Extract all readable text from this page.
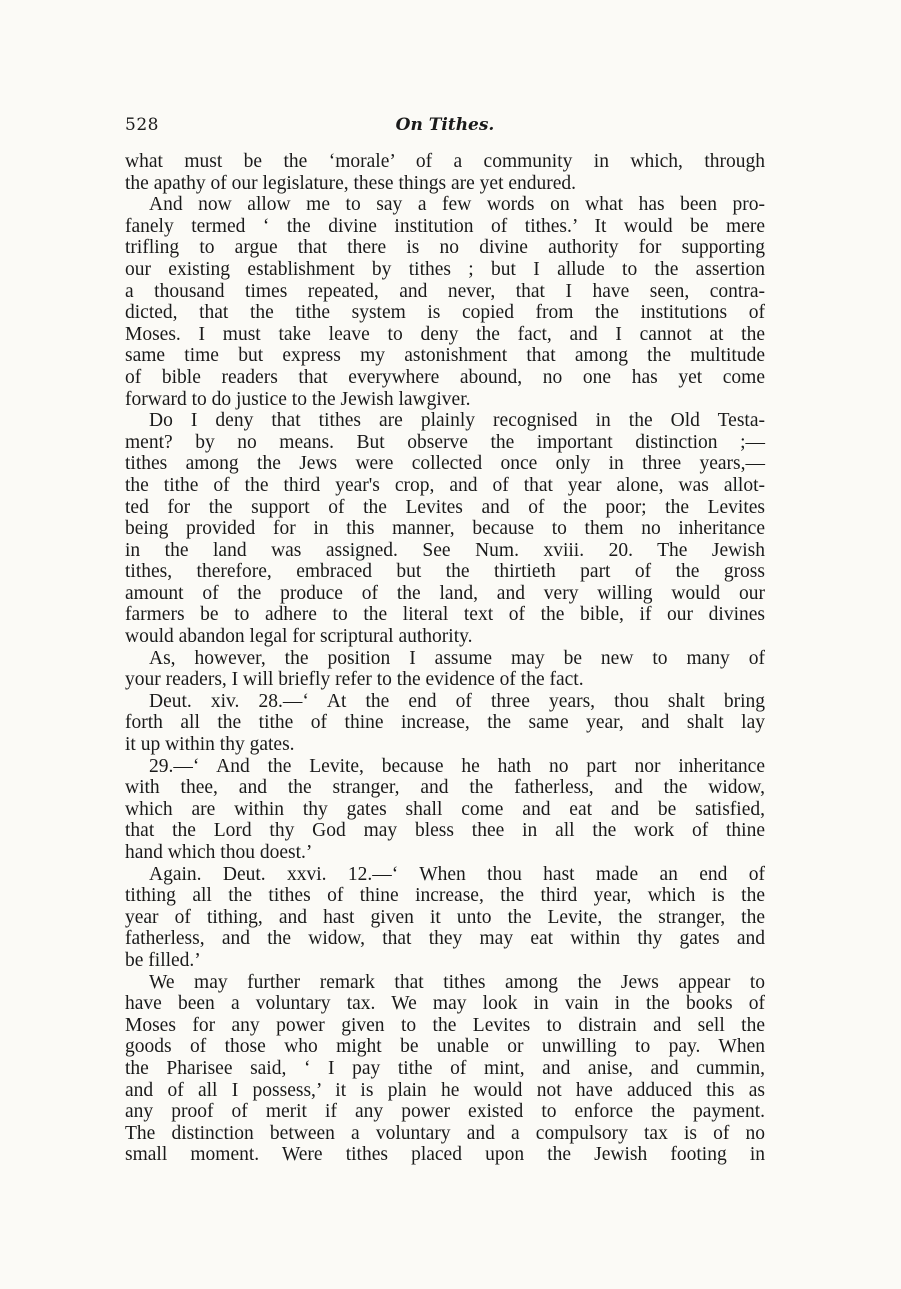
528	On Tithes.
what must be the ‘morale’ of a community in which, through
the apathy of our legislature, these things are yet endured.
And now allow me to say a few words on what has been pro-
fanely termed ‘ the divine institution of tithes.’ It would be mere
trifling to argue that there is no divine authority for supporting
our existing establishment by tithes ; but I allude to the assertion
a thousand times repeated, and never, that I have seen, contra-
dicted, that the tithe system is copied from the institutions of
Moses. I must take leave to deny the fact, and I cannot at the
same time but express my astonishment that among the multitude
of bible readers that everywhere abound, no one has yet come
forward to do justice to the Jewish lawgiver.
Do I deny that tithes are plainly recognised in the Old Testa-
ment? by no means. But observe the important distinction ;—
tithes among the Jews were collected once only in three years,—
the tithe of the third year's crop, and of that year alone, was allot-
ted for the support of the Levites and of the poor; the Levites
being provided for in this manner, because to them no inheritance
in the land was assigned. See Num. xviii. 20. The Jewish
tithes, therefore, embraced but the thirtieth part of the gross
amount of the produce of the land, and very willing would our
farmers be to adhere to the literal text of the bible, if our divines
would abandon legal for scriptural authority.
As, however, the position I assume may be new to many of
your readers, I will briefly refer to the evidence of the fact.
Deut. xiv. 28.—‘ At the end of three years, thou shalt bring
forth all the tithe of thine increase, the same year, and shalt lay
it up within thy gates.
29.—‘ And the Levite, because he hath no part nor inheritance
with thee, and the stranger, and the fatherless, and the widow,
which are within thy gates shall come and eat and be satisfied,
that the Lord thy God may bless thee in all the work of thine
hand which thou doest.’
Again. Deut. xxvi. 12.—‘ When thou hast made an end of
tithing all the tithes of thine increase, the third year, which is the
year of tithing, and hast given it unto the Levite, the stranger, the
fatherless, and the widow, that they may eat within thy gates and
be filled.’
We may further remark that tithes among the Jews appear to
have been a voluntary tax. We may look in vain in the books of
Moses for any power given to the Levites to distrain and sell the
goods of those who might be unable or unwilling to pay. When
the Pharisee said, ‘ I pay tithe of mint, and anise, and cummin,
and of all I possess,’ it is plain he would not have adduced this as
any proof of merit if any power existed to enforce the payment.
The distinction between a voluntary and a compulsory tax is of no
small moment. Were tithes placed upon the Jewish footing in
